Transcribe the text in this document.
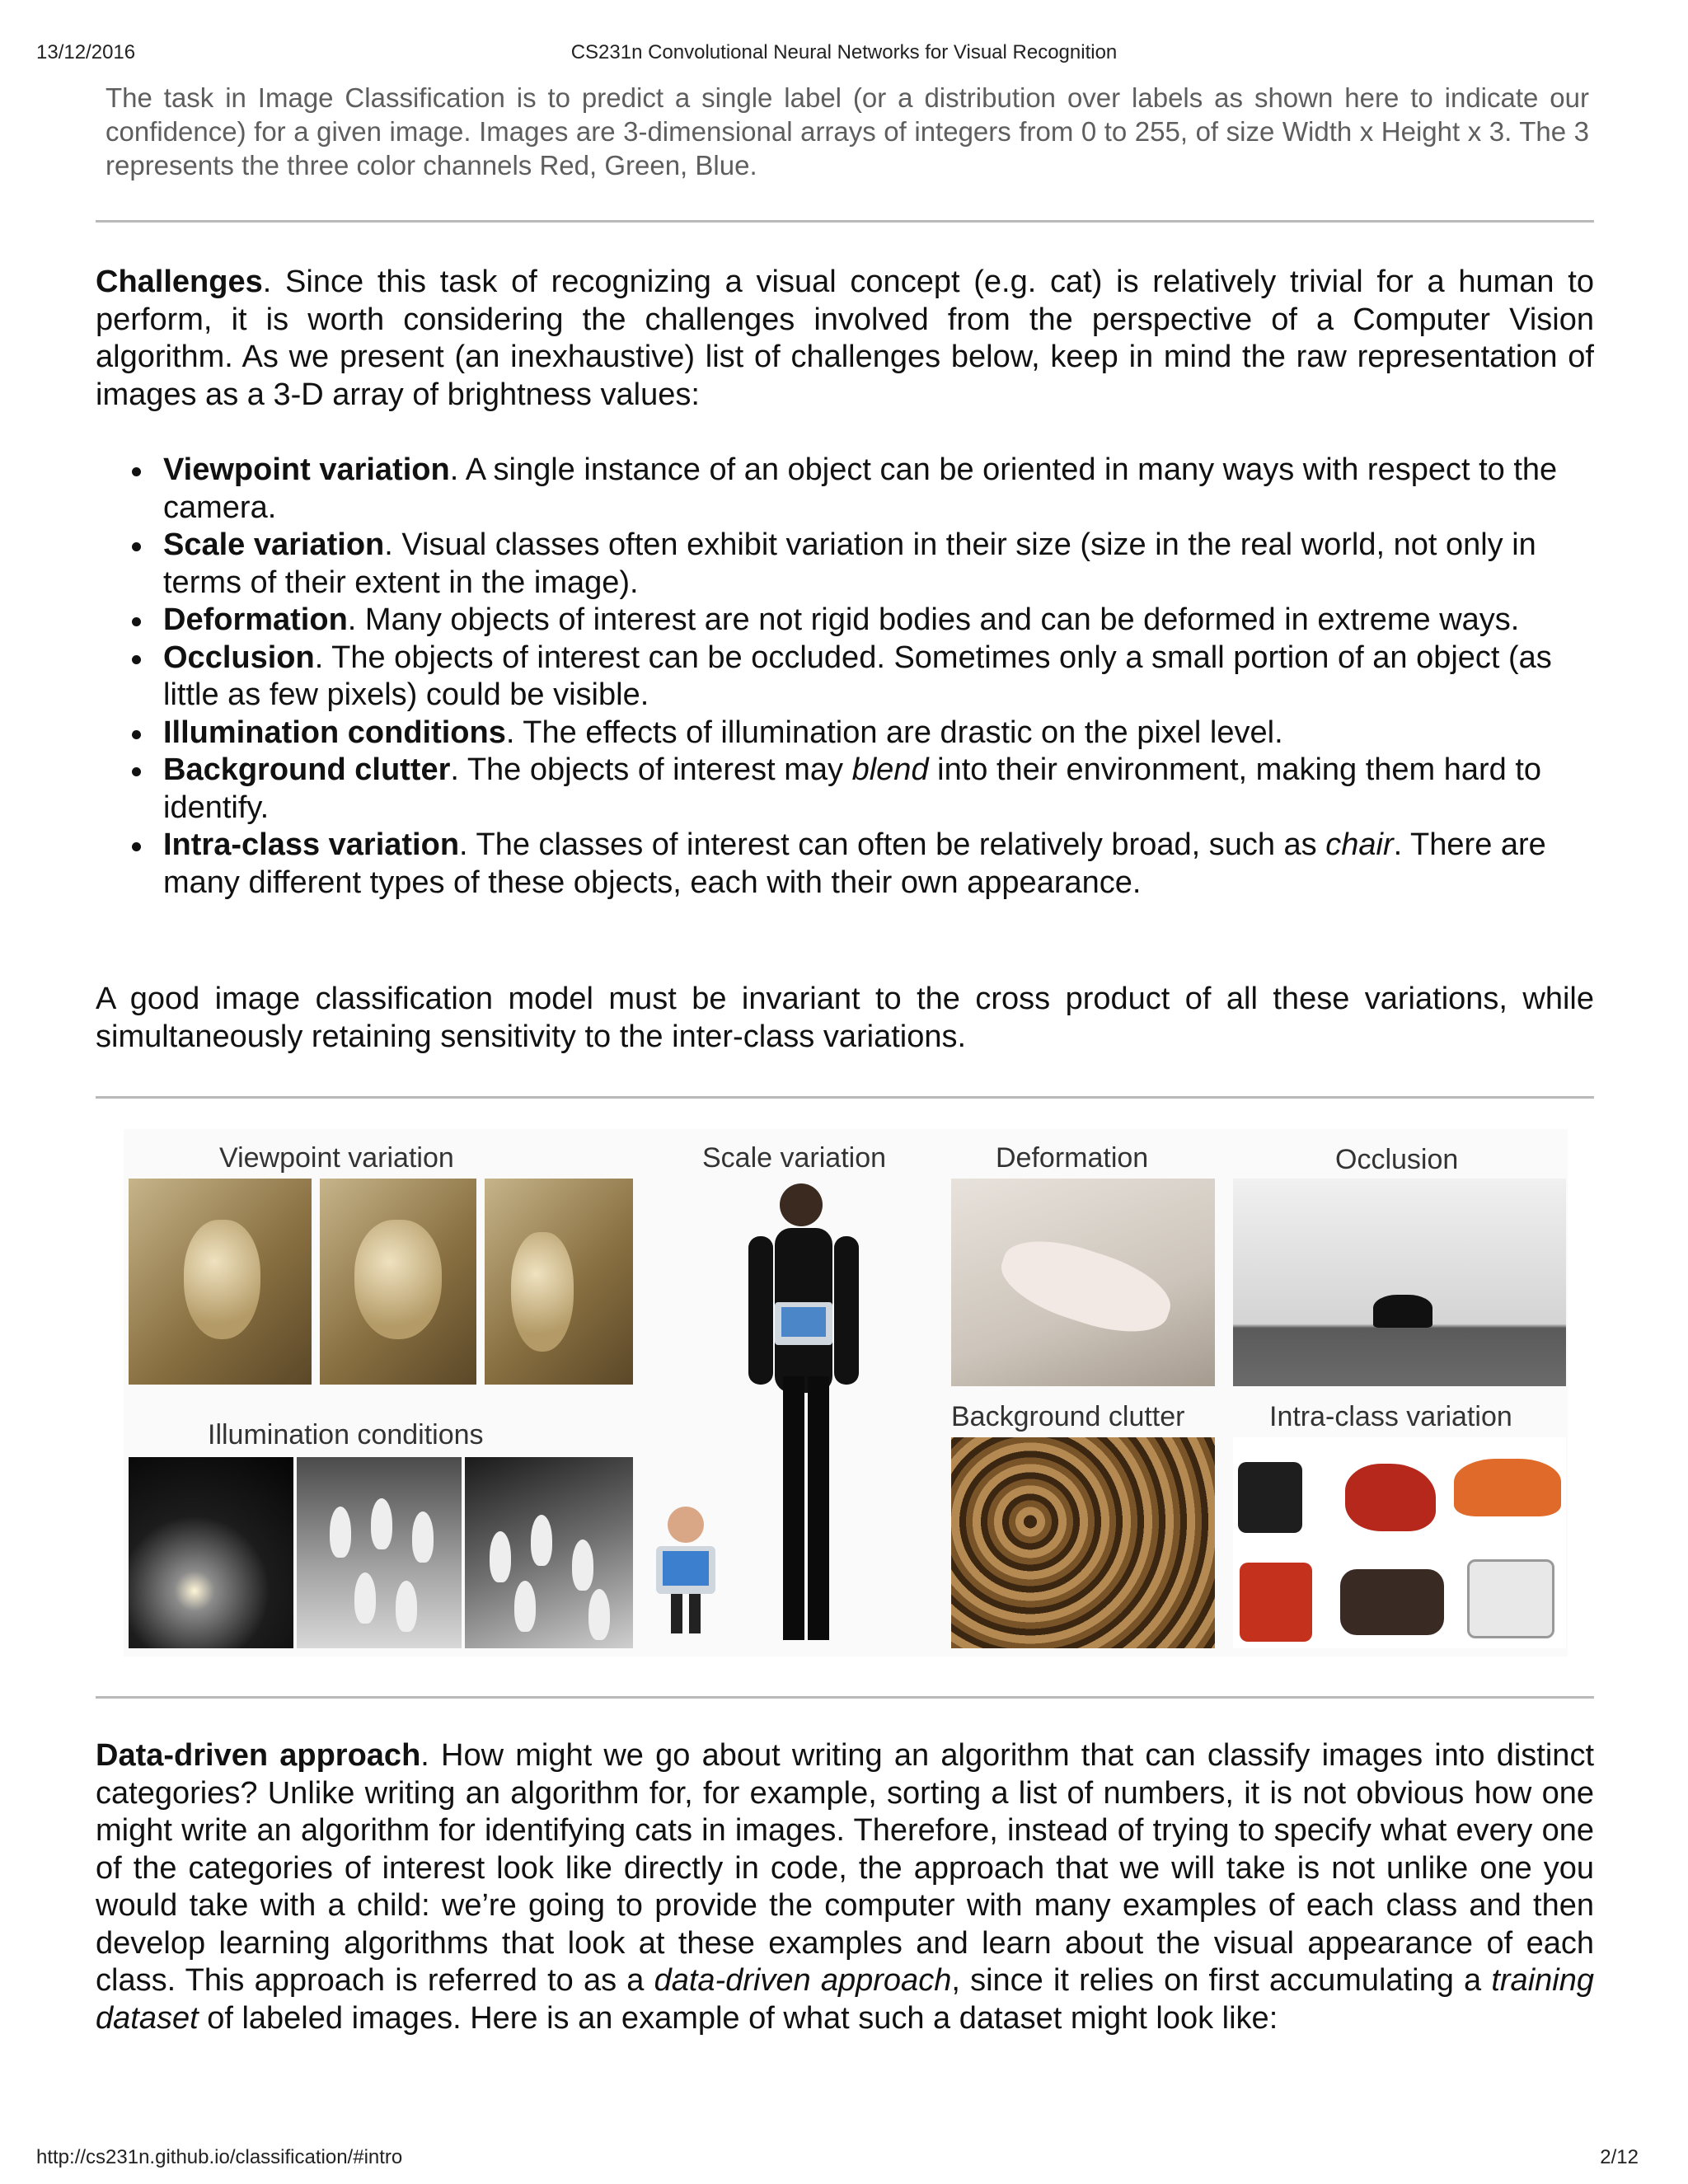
13/12/2016	CS231n Convolutional Neural Networks for Visual Recognition
The task in Image Classification is to predict a single label (or a distribution over labels as shown here to indicate our confidence) for a given image. Images are 3-dimensional arrays of integers from 0 to 255, of size Width x Height x 3. The 3 represents the three color channels Red, Green, Blue.
Challenges. Since this task of recognizing a visual concept (e.g. cat) is relatively trivial for a human to perform, it is worth considering the challenges involved from the perspective of a Computer Vision algorithm. As we present (an inexhaustive) list of challenges below, keep in mind the raw representation of images as a 3-D array of brightness values:
Viewpoint variation. A single instance of an object can be oriented in many ways with respect to the camera.
Scale variation. Visual classes often exhibit variation in their size (size in the real world, not only in terms of their extent in the image).
Deformation. Many objects of interest are not rigid bodies and can be deformed in extreme ways.
Occlusion. The objects of interest can be occluded. Sometimes only a small portion of an object (as little as few pixels) could be visible.
Illumination conditions. The effects of illumination are drastic on the pixel level.
Background clutter. The objects of interest may blend into their environment, making them hard to identify.
Intra-class variation. The classes of interest can often be relatively broad, such as chair. There are many different types of these objects, each with their own appearance.
A good image classification model must be invariant to the cross product of all these variations, while simultaneously retaining sensitivity to the inter-class variations.
Viewpoint variation	Scale variation	Deformation	Occlusion
Illumination conditions
Background clutter	Intra-class variation
Data-driven approach. How might we go about writing an algorithm that can classify images into distinct categories? Unlike writing an algorithm for, for example, sorting a list of numbers, it is not obvious how one might write an algorithm for identifying cats in images. Therefore, instead of trying to specify what every one of the categories of interest look like directly in code, the approach that we will take is not unlike one you would take with a child: we’re going to provide the computer with many examples of each class and then develop learning algorithms that look at these examples and learn about the visual appearance of each class. This approach is referred to as a data-driven approach, since it relies on first accumulating a training dataset of labeled images. Here is an example of what such a dataset might look like:
http://cs231n.github.io/classification/#intro	2/12
